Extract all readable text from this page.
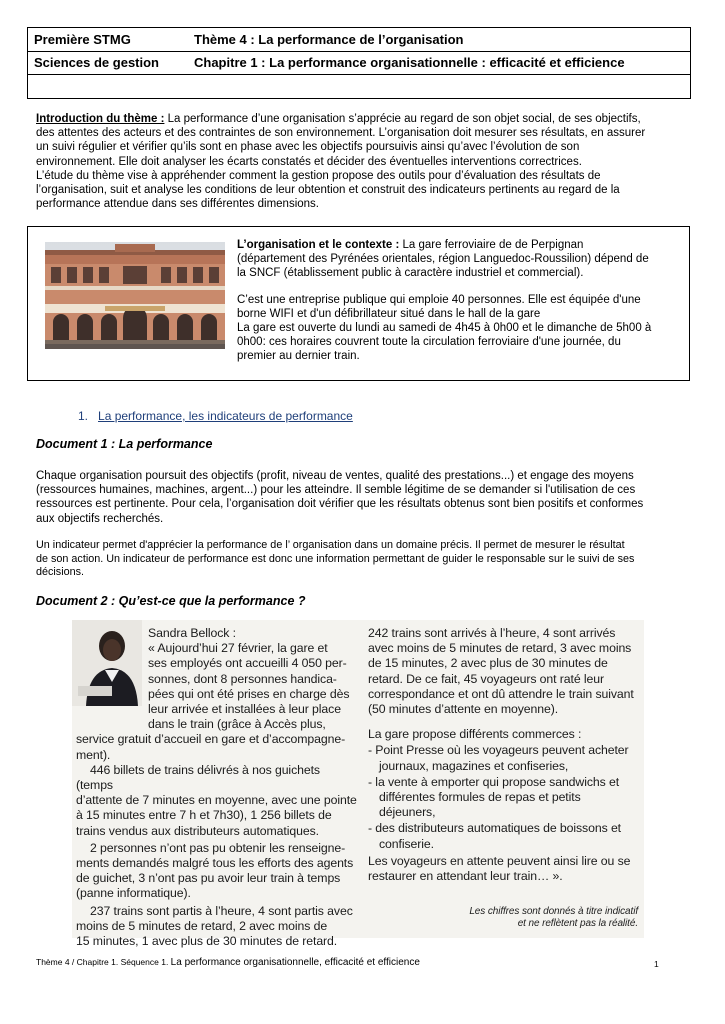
Première STMG	Thème 4 : La performance de l’organisation
Sciences de gestion	Chapitre 1 : La performance organisationnelle : efficacité et efficience
Introduction du thème : La performance d’une organisation s’apprécie au regard de son objet social, de ses objectifs,
des attentes des acteurs et des contraintes de son environnement. L’organisation doit mesurer ses résultats, en assurer
un suivi régulier et vérifier qu’ils sont en phase avec les objectifs poursuivis ainsi qu’avec l’évolution de son
environnement. Elle doit analyser les écarts constatés et décider des éventuelles interventions correctrices.
L’étude du thème vise à appréhender comment la gestion propose des outils pour d’évaluation des résultats de
l’organisation, suit et analyse les conditions de leur obtention et construit des indicateurs pertinents au regard de la
performance attendue dans ses différentes dimensions.
L’organisation et le contexte : La gare ferroviaire de de Perpignan
(département des Pyrénées orientales, région Languedoc-Roussilion) dépend de
la SNCF (établissement public à caractère industriel et commercial).

C’est une entreprise publique qui emploie 40 personnes. Elle est équipée d'une
borne WIFI et d'un défibrillateur situé dans le hall de la gare
La gare est ouverte du lundi au samedi de 4h45 à 0h00 et le dimanche de 5h00 à
0h00: ces horaires couvrent toute la circulation ferroviaire d'une journée, du
premier au dernier train.
1. La performance, les indicateurs de performance
Document 1 : La performance
Chaque organisation poursuit des objectifs (profit, niveau de ventes, qualité des prestations...) et engage des moyens
(ressources humaines, machines, argent...) pour les atteindre. Il semble légitime de se demander si l'utilisation de ces
ressources est pertinente. Pour cela, l’organisation doit vérifier que les résultats obtenus sont bien positifs et conformes
aux objectifs recherchés.
Un indicateur permet d'apprécier la performance de l’ organisation dans un domaine précis. Il permet de mesurer le résultat
de son action. Un indicateur de performance est donc une information permettant de guider le responsable sur le suivi de ses
décisions.
Document 2 : Qu’est-ce que la performance ?

Sandra Bellock :

« Aujourd’hui 27 février, la gare et

ses employés ont accueilli 4 050 per-

sonnes, dont 8 personnes handica-

pées qui ont été prises en charge dès

leur arrivée et installées à leur place

dans le train (grâce à Accès plus,

service gratuit d’accueil en gare et d’accompagne-

ment).

446 billets de trains délivrés à nos guichets (temps

d’attente de 7 minutes en moyenne, avec une pointe

à 15 minutes entre 7 h et 7h30), 1 256 billets de

trains vendus aux distributeurs automatiques.

2 personnes n’ont pas pu obtenir les renseigne-

ments demandés malgré tous les efforts des agents

de guichet, 3 n’ont pas pu avoir leur train à temps

(panne informatique).

237 trains sont partis à l’heure, 4 sont partis avec

moins de 5 minutes de retard, 2 avec moins de

15 minutes, 1 avec plus de 30 minutes de retard.

242 trains sont arrivés à l’heure, 4 sont arrivés

avec moins de 5 minutes de retard, 3 avec moins

de 15 minutes, 2 avec plus de 30 minutes de

retard. De ce fait, 45 voyageurs ont raté leur

correspondance et ont dû attendre le train suivant

(50 minutes d’attente en moyenne).

La gare propose différents commerces :

- Point Presse où les voyageurs peuvent acheter
journaux, magazines et confiseries,

- la vente à emporter qui propose sandwichs et
différentes formules de repas et petits déjeuners,

- des distributeurs automatiques de boissons et
confiserie.

Les voyageurs en attente peuvent ainsi lire ou se

restaurer en attendant leur train… ».

Les chiffres sont donnés à titre indicatif
et ne reflètent pas la réalité.
Thème 4 / Chapitre 1. Séquence 1. La performance organisationnelle, efficacité et efficience	1
